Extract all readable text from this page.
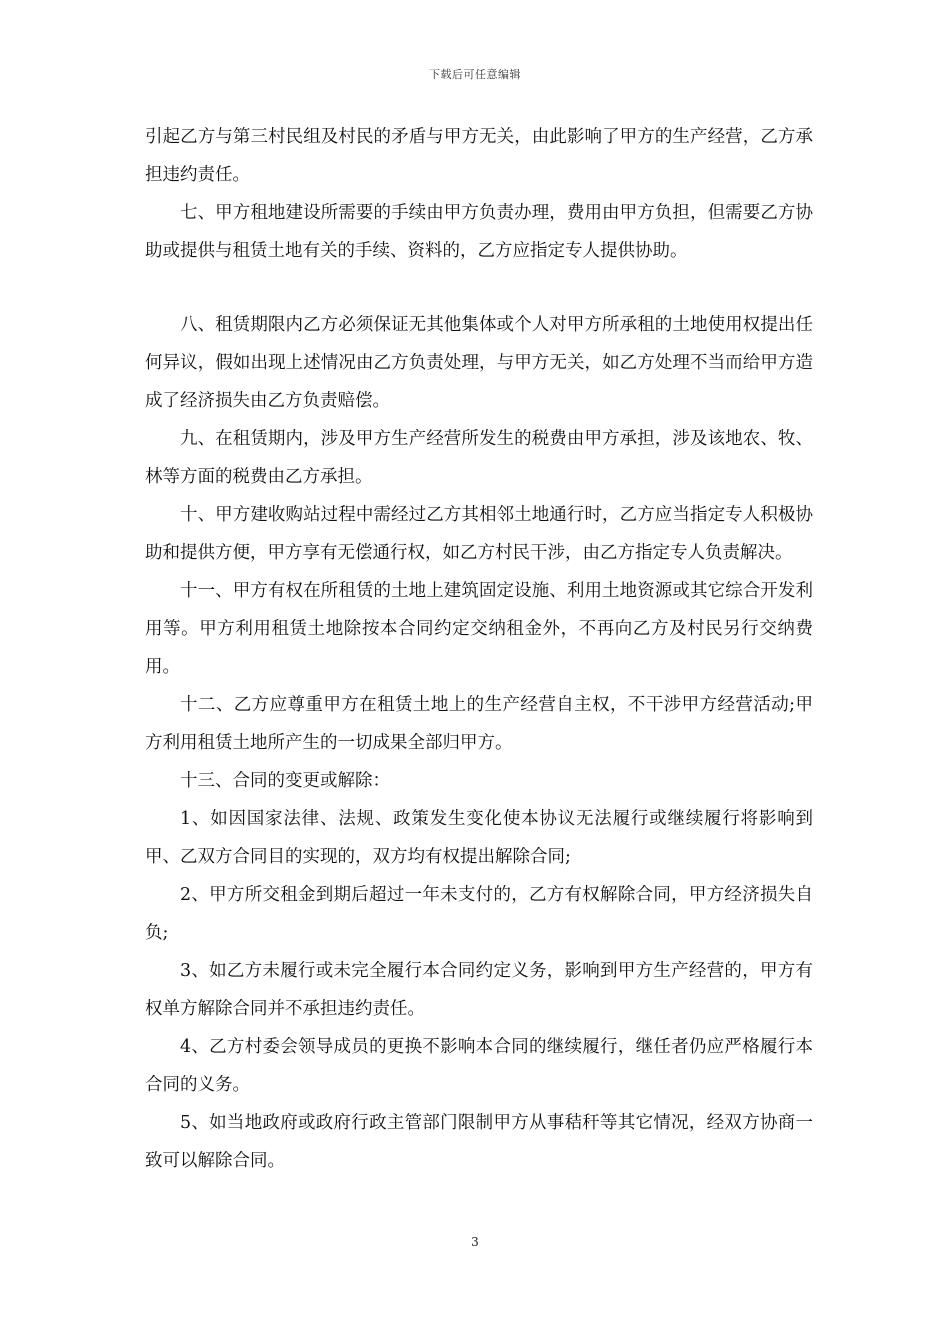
下载后可任意编辑

引起乙方与第三村民组及村民的矛盾与甲方无关，由此影响了甲方的生产经营，乙方承担违约责任。

七、甲方租地建设所需要的手续由甲方负责办理，费用由甲方负担，但需要乙方协助或提供与租赁土地有关的手续、资料的，乙方应指定专人提供协助。

八、租赁期限内乙方必须保证无其他集体或个人对甲方所承租的土地使用权提出任何异议，假如出现上述情况由乙方负责处理，与甲方无关，如乙方处理不当而给甲方造成了经济损失由乙方负责赔偿。

九、在租赁期内，涉及甲方生产经营所发生的税费由甲方承担，涉及该地农、牧、林等方面的税费由乙方承担。

十、甲方建收购站过程中需经过乙方其相邻土地通行时，乙方应当指定专人积极协助和提供方便，甲方享有无偿通行权，如乙方村民干涉，由乙方指定专人负责解决。

十一、甲方有权在所租赁的土地上建筑固定设施、利用土地资源或其它综合开发利用等。甲方利用租赁土地除按本合同约定交纳租金外，不再向乙方及村民另行交纳费用。

十二、乙方应尊重甲方在租赁土地上的生产经营自主权，不干涉甲方经营活动;甲方利用租赁土地所产生的一切成果全部归甲方。

十三、合同的变更或解除：

1、如因国家法律、法规、政策发生变化使本协议无法履行或继续履行将影响到甲、乙双方合同目的实现的，双方均有权提出解除合同;

2、甲方所交租金到期后超过一年未支付的，乙方有权解除合同，甲方经济损失自负;

3、如乙方未履行或未完全履行本合同约定义务，影响到甲方生产经营的，甲方有权单方解除合同并不承担违约责任。

4、乙方村委会领导成员的更换不影响本合同的继续履行，继任者仍应严格履行本合同的义务。

5、如当地政府或政府行政主管部门限制甲方从事秸秆等其它情况，经双方协商一致可以解除合同。

3
